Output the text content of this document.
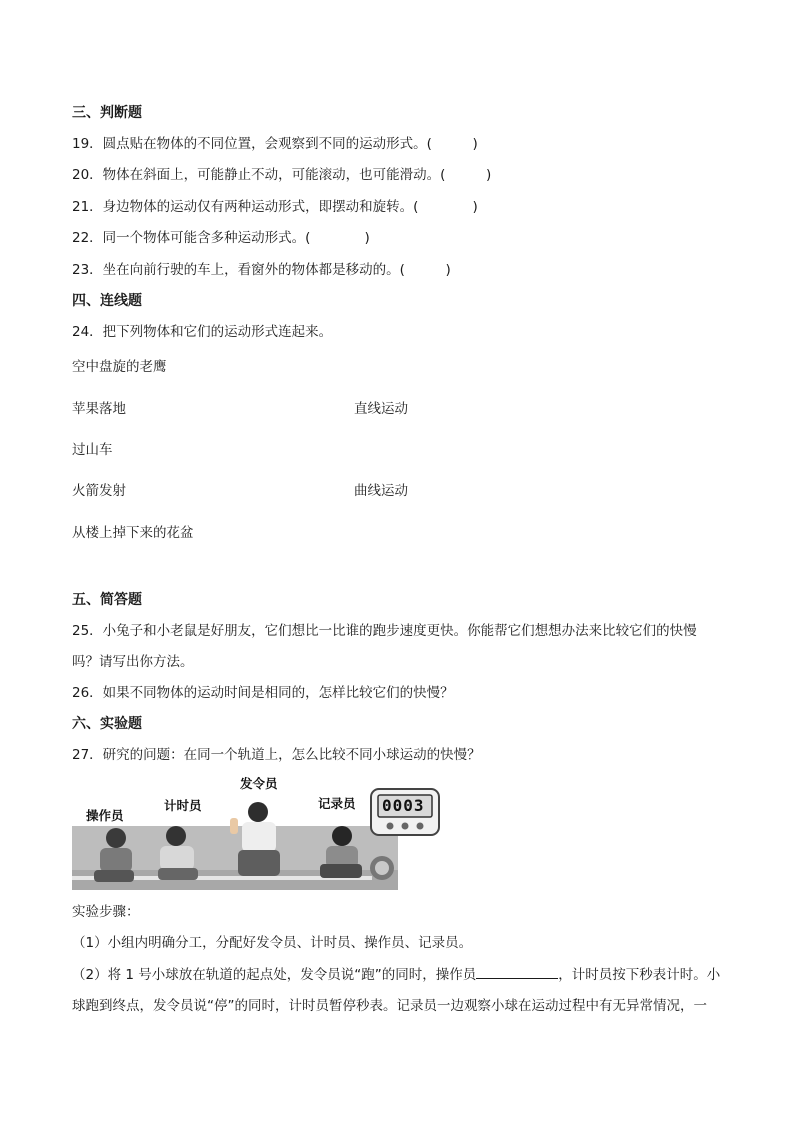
三、判断题
19．圆点贴在物体的不同位置，会观察到不同的运动形式。(　　　)
20．物体在斜面上，可能静止不动，可能滚动，也可能滑动。(　　　)
21．身边物体的运动仅有两种运动形式，即摆动和旋转。(　　　　)
22．同一个物体可能含多种运动形式。(　　　　)
23．坐在向前行驶的车上，看窗外的物体都是移动的。(　　　)
四、连线题
24．把下列物体和它们的运动形式连起来。
空中盘旋的老鹰
苹果落地	直线运动
过山车
火箭发射	曲线运动
从楼上掉下来的花盆
五、简答题
25．小兔子和小老鼠是好朋友，它们想比一比谁的跑步速度更快。你能帮它们想想办法来比较它们的快慢
吗？请写出你方法。
26．如果不同物体的运动时间是相同的，怎样比较它们的快慢？
六、实验题
27．研究的问题：在同一个轨道上，怎么比较不同小球运动的快慢？
操作员
计时员
发令员
记录员 0003
实验步骤：
（1）小组内明确分工，分配好发令员、计时员、操作员、记录员。
（2）将 1 号小球放在轨道的起点处，发令员说“跑”的同时，操作员	，计时员按下秒表计时。小
球跑到终点，发令员说“停”的同时，计时员暂停秒表。记录员一边观察小球在运动过程中有无异常情况，一
